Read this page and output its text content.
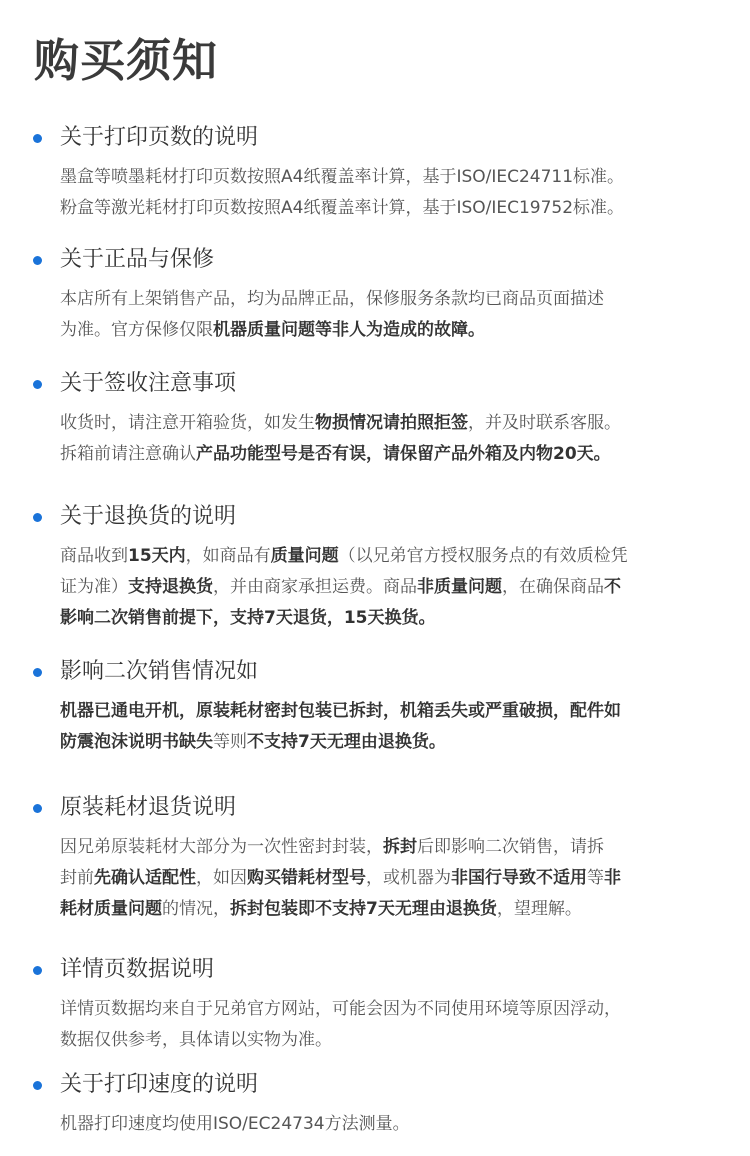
购买须知
关于打印页数的说明
墨盒等喷墨耗材打印页数按照A4纸覆盖率计算，基于ISO/IEC24711标准。
粉盒等激光耗材打印页数按照A4纸覆盖率计算，基于ISO/IEC19752标准。
关于正品与保修
本店所有上架销售产品，均为品牌正品，保修服务条款均已商品页面描述
为准。官方保修仅限机器质量问题等非人为造成的故障。
关于签收注意事项
收货时，请注意开箱验货，如发生物损情况请拍照拒签，并及时联系客服。
拆箱前请注意确认产品功能型号是否有误，请保留产品外箱及内物20天。
关于退换货的说明
商品收到15天内，如商品有质量问题（以兄弟官方授权服务点的有效质检凭
证为准）支持退换货，并由商家承担运费。商品非质量问题，在确保商品不
影响二次销售前提下，支持7天退货，15天换货。
影响二次销售情况如
机器已通电开机，原装耗材密封包装已拆封，机箱丢失或严重破损，配件如
防震泡沫说明书缺失等则不支持7天无理由退换货。
原装耗材退货说明
因兄弟原装耗材大部分为一次性密封封装，拆封后即影响二次销售，请拆
封前先确认适配性，如因购买错耗材型号，或机器为非国行导致不适用等非
耗材质量问题的情况，拆封包装即不支持7天无理由退换货，望理解。
详情页数据说明
详情页数据均来自于兄弟官方网站，可能会因为不同使用环境等原因浮动，
数据仅供参考，具体请以实物为准。
关于打印速度的说明
机器打印速度均使用ISO/EC24734方法测量。
